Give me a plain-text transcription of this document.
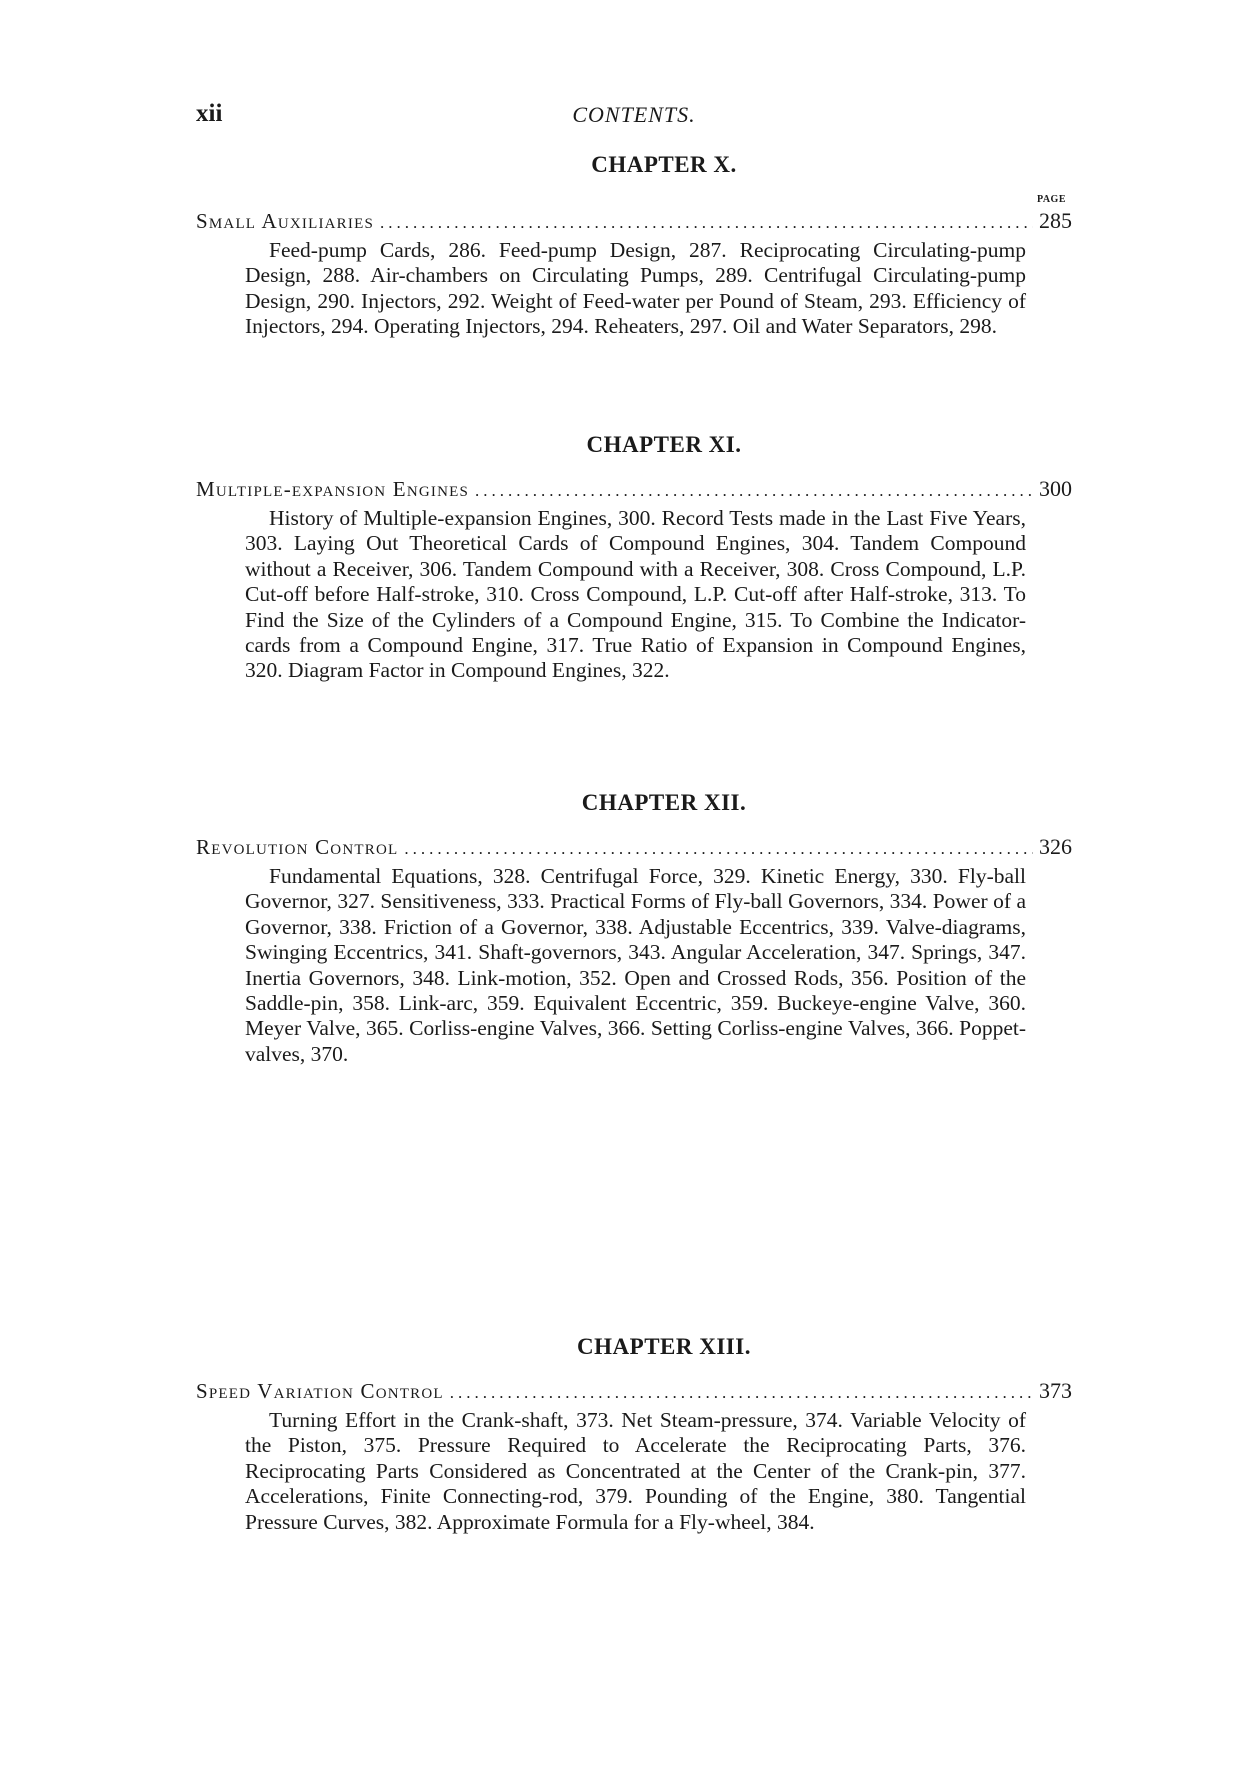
xii	CONTENTS.
CHAPTER X.
PAGE
Small Auxiliaries .....	285

Feed-pump Cards, 286. Feed-pump Design, 287. Reciprocating Circulating-pump Design, 288. Air-chambers on Circulating Pumps, 289. Centrifugal Circulating-pump Design, 290. Injectors, 292. Weight of Feed-water per Pound of Steam, 293. Efficiency of Injectors, 294. Operating Injectors, 294. Reheaters, 297. Oil and Water Separators, 298.

CHAPTER XI.
Multiple-expansion Engines .....	300

History of Multiple-expansion Engines, 300. Record Tests made in the Last Five Years, 303. Laying Out Theoretical Cards of Compound Engines, 304. Tandem Compound without a Receiver, 306. Tandem Compound with a Receiver, 308. Cross Compound, L.P. Cut-off before Half-stroke, 310. Cross Compound, L.P. Cut-off after Half-stroke, 313. To Find the Size of the Cylinders of a Compound Engine, 315. To Combine the Indicator-cards from a Compound Engine, 317. True Ratio of Expansion in Compound Engines, 320. Diagram Factor in Compound Engines, 322.

CHAPTER XII.
Revolution Control .....	326

Fundamental Equations, 328. Centrifugal Force, 329. Kinetic Energy, 330. Fly-ball Governor, 327. Sensitiveness, 333. Practical Forms of Fly-ball Governors, 334. Power of a Governor, 338. Friction of a Governor, 338. Adjustable Eccentrics, 339. Valve-diagrams, Swinging Eccentrics, 341. Shaft-governors, 343. Angular Acceleration, 347. Springs, 347. Inertia Governors, 348. Link-motion, 352. Open and Crossed Rods, 356. Position of the Saddle-pin, 358. Link-arc, 359. Equivalent Eccentric, 359. Buckeye-engine Valve, 360. Meyer Valve, 365. Corliss-engine Valves, 366. Setting Corliss-engine Valves, 366. Poppet-valves, 370.

CHAPTER XIII.
Speed Variation Control .....	373

Turning Effort in the Crank-shaft, 373. Net Steam-pressure, 374. Variable Velocity of the Piston, 375. Pressure Required to Accelerate the Reciprocating Parts, 376. Reciprocating Parts Considered as Concentrated at the Center of the Crank-pin, 377. Accelerations, Finite Connecting-rod, 379. Pounding of the Engine, 380. Tangential Pressure Curves, 382. Approximate Formula for a Fly-wheel, 384.
